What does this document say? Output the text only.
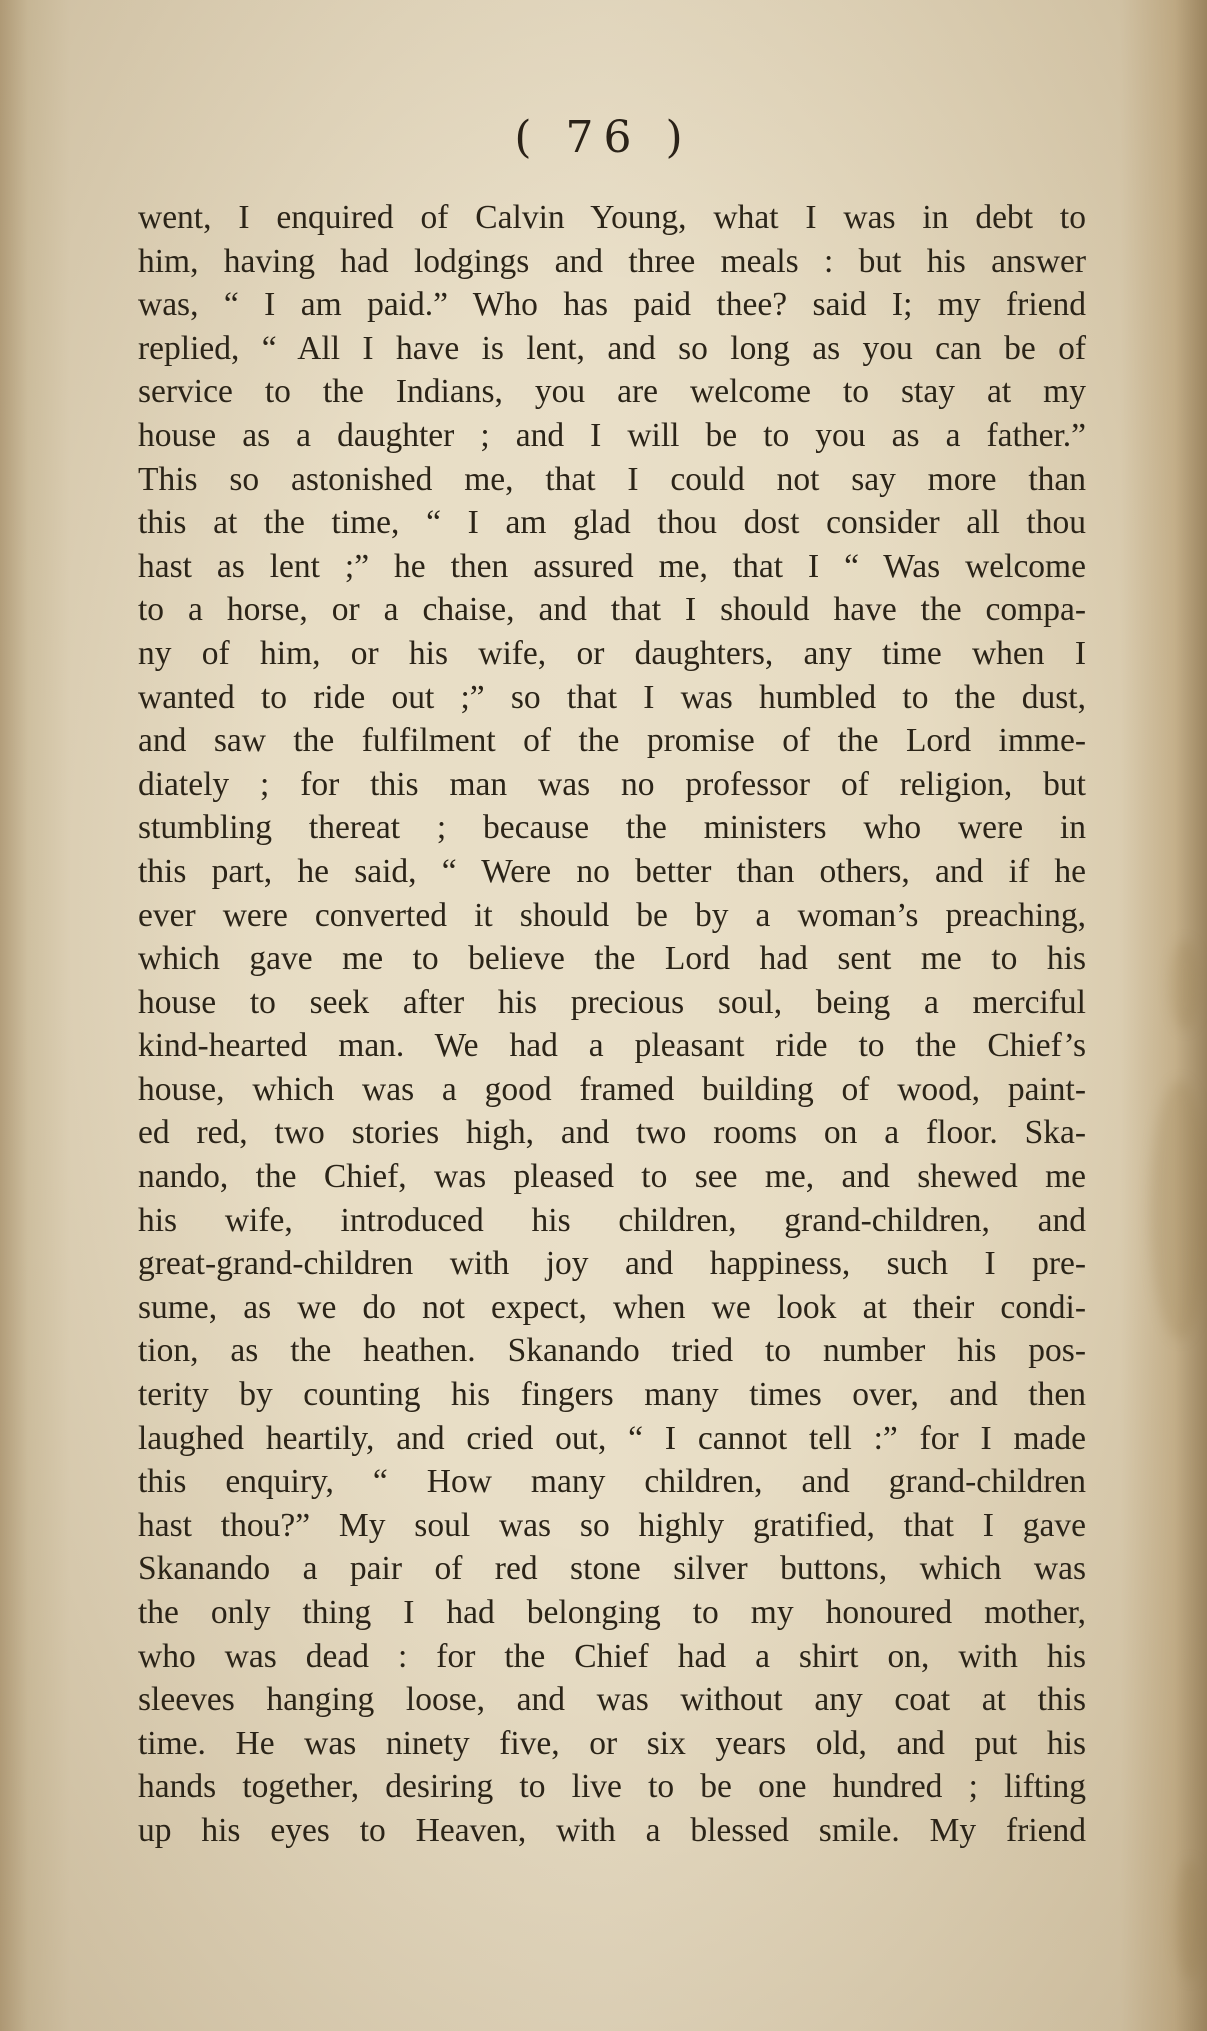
( 76 )
went, I enquired of Calvin Young, what I was in debt to
him, having had lodgings and three meals : but his answer
was, “ I am paid.” Who has paid thee? said I; my friend
replied, “ All I have is lent, and so long as you can be of
service to the Indians, you are welcome to stay at my
house as a daughter ; and I will be to you as a father.”
This so astonished me, that I could not say more than
this at the time, “ I am glad thou dost consider all thou
hast as lent ;” he then assured me, that I “ Was welcome
to a horse, or a chaise, and that I should have the compa-
ny of him, or his wife, or daughters, any time when I
wanted to ride out ;” so that I was humbled to the dust,
and saw the fulfilment of the promise of the Lord imme-
diately ; for this man was no professor of religion, but
stumbling thereat ; because the ministers who were in
this part, he said, “ Were no better than others, and if he
ever were converted it should be by a woman’s preaching,
which gave me to believe the Lord had sent me to his
house to seek after his precious soul, being a merciful
kind-hearted man. We had a pleasant ride to the Chief’s
house, which was a good framed building of wood, paint-
ed red, two stories high, and two rooms on a floor. Ska-
nando, the Chief, was pleased to see me, and shewed me
his wife, introduced his children, grand-children, and
great-grand-children with joy and happiness, such I pre-
sume, as we do not expect, when we look at their condi-
tion, as the heathen. Skanando tried to number his pos-
terity by counting his fingers many times over, and then
laughed heartily, and cried out, “ I cannot tell :” for I made
this enquiry, “ How many children, and grand-children
hast thou?” My soul was so highly gratified, that I gave
Skanando a pair of red stone silver buttons, which was
the only thing I had belonging to my honoured mother,
who was dead : for the Chief had a shirt on, with his
sleeves hanging loose, and was without any coat at this
time. He was ninety five, or six years old, and put his
hands together, desiring to live to be one hundred ; lifting
up his eyes to Heaven, with a blessed smile. My friend
